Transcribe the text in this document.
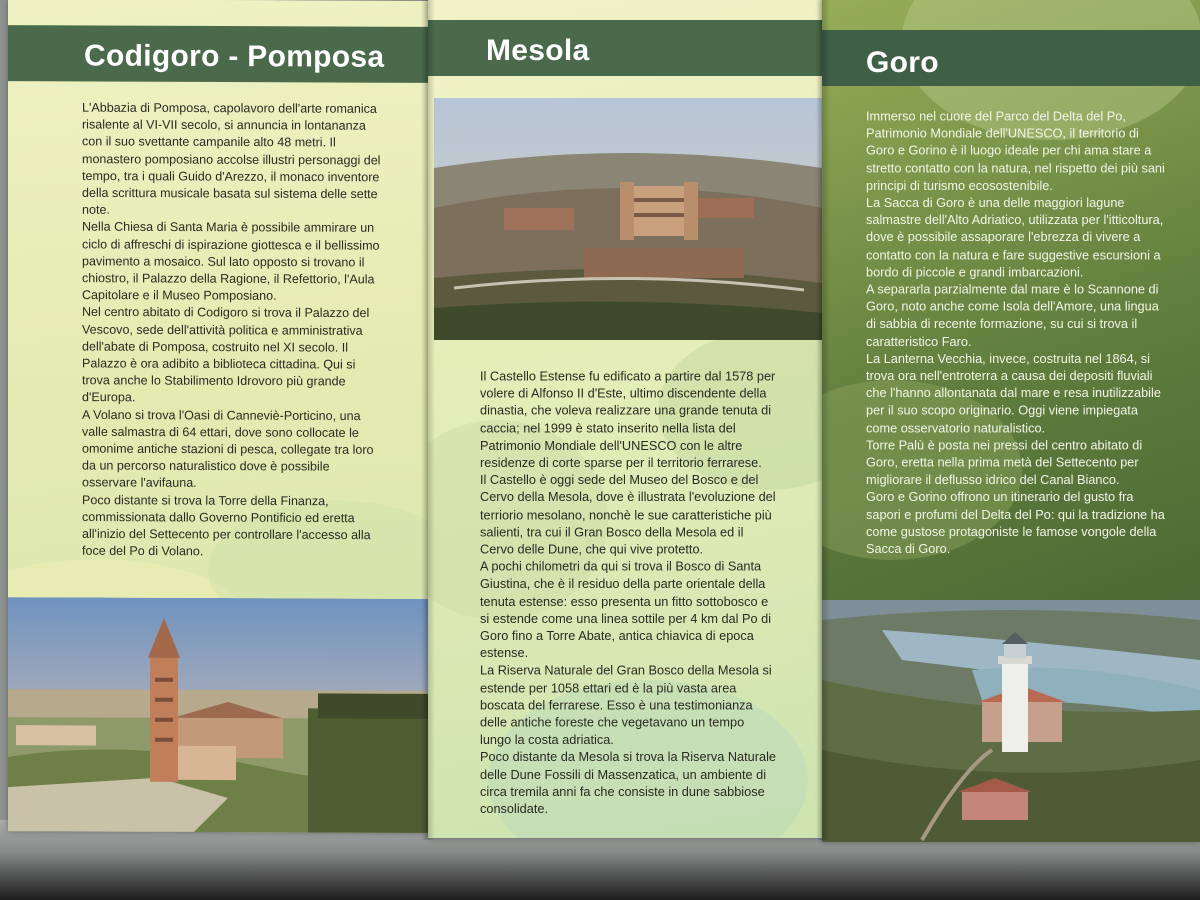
Codigoro - Pomposa

L'Abbazia di Pomposa, capolavoro dell'arte romanica risalente al VI-VII secolo, si annuncia in lontananza con il suo svettante campanile alto 48 metri. Il monastero pomposiano accolse illustri personaggi del tempo, tra i quali Guido d'Arezzo, il monaco inventore della scrittura musicale basata sul sistema delle sette note.

Nella Chiesa di Santa Maria è possibile ammirare un ciclo di affreschi di ispirazione giottesca e il bellissimo pavimento a mosaico. Sul lato opposto si trovano il chiostro, il Palazzo della Ragione, il Refettorio, l'Aula Capitolare e il Museo Pomposiano.

Nel centro abitato di Codigoro si trova il Palazzo del Vescovo, sede dell'attività politica e amministrativa dell'abate di Pomposa, costruito nel XI secolo. Il Palazzo è ora adibito a biblioteca cittadina. Qui si trova anche lo Stabilimento Idrovoro più grande d'Europa.

A Volano si trova l'Oasi di Canneviè-Porticino, una valle salmastra di 64 ettari, dove sono collocate le omonime antiche stazioni di pesca, collegate tra loro da un percorso naturalistico dove è possibile osservare l'avifauna.

Poco distante si trova la Torre della Finanza, commissionata dallo Governo Pontificio ed eretta all'inizio del Settecento per controllare l'accesso alla foce del Po di Volano.

Mesola

Il Castello Estense fu edificato a partire dal 1578 per volere di Alfonso II d'Este, ultimo discendente della dinastia, che voleva realizzare una grande tenuta di caccia; nel 1999 è stato inserito nella lista del Patrimonio Mondiale dell'UNESCO con le altre residenze di corte sparse per il territorio ferrarese.

Il Castello è oggi sede del Museo del Bosco e del Cervo della Mesola, dove è illustrata l'evoluzione del terriorio mesolano, nonchè le sue caratteristiche più salienti, tra cui il Gran Bosco della Mesola ed il Cervo delle Dune, che qui vive protetto.

A pochi chilometri da qui si trova il Bosco di Santa Giustina, che è il residuo della parte orientale della tenuta estense: esso presenta un fitto sottobosco e si estende come una linea sottile per 4 km dal Po di Goro fino a Torre Abate, antica chiavica di epoca estense.

La Riserva Naturale del Gran Bosco della Mesola si estende per 1058 ettari ed è la più vasta area boscata del ferrarese. Esso è una testimonianza delle antiche foreste che vegetavano un tempo lungo la costa adriatica.

Poco distante da Mesola si trova la Riserva Naturale delle Dune Fossili di Massenzatica, un ambiente di circa tremila anni fa che consiste in dune sabbiose consolidate.

Goro

Immerso nel cuore del Parco del Delta del Po, Patrimonio Mondiale dell'UNESCO, il territorio di Goro e Gorino è il luogo ideale per chi ama stare a stretto contatto con la natura, nel rispetto dei più sani principi di turismo ecosostenibile.

La Sacca di Goro è una delle maggiori lagune salmastre dell'Alto Adriatico, utilizzata per l'itticoltura, dove è possibile assaporare l'ebrezza di vivere a contatto con la natura e fare suggestive escursioni a bordo di piccole e grandi imbarcazioni.

A separarla parzialmente dal mare è lo Scannone di Goro, noto anche come Isola dell'Amore, una lingua di sabbia di recente formazione, su cui si trova il caratteristico Faro.

La Lanterna Vecchia, invece, costruita nel 1864, si trova ora nell'entroterra a causa dei depositi fluviali che l'hanno allontanata dal mare e resa inutilizzabile per il suo scopo originario. Oggi viene impiegata come osservatorio naturalistico.

Torre Palù è posta nei pressi del centro abitato di Goro, eretta nella prima metà del Settecento per migliorare il deflusso idrico del Canal Bianco.

Goro e Gorino offrono un itinerario del gusto fra sapori e profumi del Delta del Po: qui la tradizione ha come gustose protagoniste le famose vongole della Sacca di Goro.
